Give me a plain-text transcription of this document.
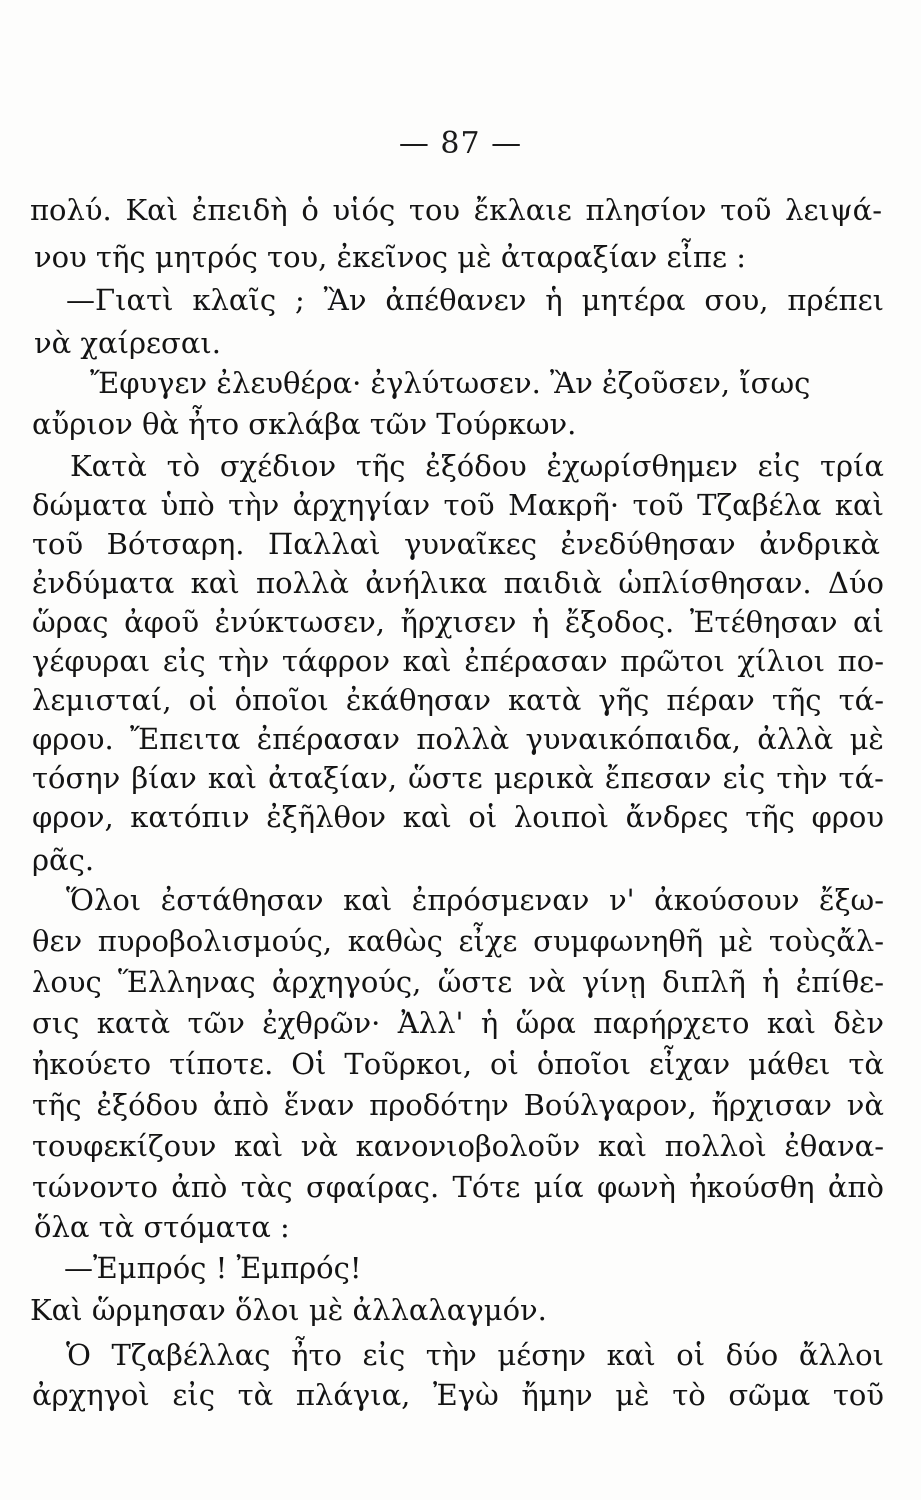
— 87 —
πολύ. Καὶ ἐπειδὴ ὁ υἱός του ἔκλαιε πλησίον τοῦ λειψά-
νου τῆς μητρός του, ἐκεῖνος μὲ ἀταραξίαν εἶπε :
—Γιατὶ κλαῖς ; Ἂν ἀπέθανεν ἡ μητέρα σου, πρέπει
νὰ χαίρεσαι.
Ἔφυγεν ἐλευθέρα· ἐγλύτωσεν. Ἂν ἐζοῦσεν, ἴσως
αὔριον θὰ ἦτο σκλάβα τῶν Τούρκων.
Κατὰ τὸ σχέδιον τῆς ἐξόδου ἐχωρίσθημεν εἰς τρία
δώματα ὑπὸ τὴν ἀρχηγίαν τοῦ Μακρῆ· τοῦ Τζαβέλα καὶ
τοῦ Βότσαρη. Παλλαὶ γυναῖκες ἐνεδύθησαν ἀνδρικὰ
ἐνδύματα καὶ πολλὰ ἀνήλικα παιδιὰ ὡπλίσθησαν. Δύο
ὥρας ἀφοῦ ἐνύκτωσεν, ἤρχισεν ἡ ἔξοδος. Ἐτέθησαν αἱ
γέφυραι εἰς τὴν τάφρον καὶ ἐπέρασαν πρῶτοι χίλιοι πο-
λεμισταί, οἱ ὁποῖοι ἐκάθησαν κατὰ γῆς πέραν τῆς τά-
φρου. Ἔπειτα ἐπέρασαν πολλὰ γυναικόπαιδα, ἀλλὰ μὲ
τόσην βίαν καὶ ἀταξίαν, ὥστε μερικὰ ἔπεσαν εἰς τὴν τά-
φρον, κατόπιν ἐξῆλθον καὶ οἱ λοιποὶ ἄνδρες τῆς φρου
ρᾶς.
Ὅλοι ἐστάθησαν καὶ ἐπρόσμεναν ν' ἀκούσουν ἔξω-
θεν πυροβολισμούς, καθὼς εἶχε συμφωνηθῆ μὲ τοὺςἄλ-
λους Ἕλληνας ἀρχηγούς, ὥστε νὰ γίνῃ διπλῆ ἡ ἐπίθε-
σις κατὰ τῶν ἐχθρῶν· Ἀλλ' ἡ ὥρα παρήρχετο καὶ δὲν
ἠκούετο τίποτε. Οἱ Τοῦρκοι, οἱ ὁποῖοι εἶχαν μάθει τὰ
τῆς ἐξόδου ἀπὸ ἕναν προδότην Βούλγαρον, ἤρχισαν νὰ
τουφεκίζουν καὶ νὰ κανονιοβολοῦν καὶ πολλοὶ ἐθανα-
τώνοντο ἀπὸ τὰς σφαίρας. Τότε μία φωνὴ ἠκούσθη ἀπὸ
ὅλα τὰ στόματα :
—Ἐμπρός ! Ἐμπρός!
Καὶ ὥρμησαν ὅλοι μὲ ἀλλαλαγμόν.
Ὁ Τζαβέλλας ἦτο εἰς τὴν μέσην καὶ οἱ δύο ἄλλοι
ἀρχηγοὶ εἰς τὰ πλάγια, Ἐγὼ ἤμην μὲ τὸ σῶμα τοῦ
